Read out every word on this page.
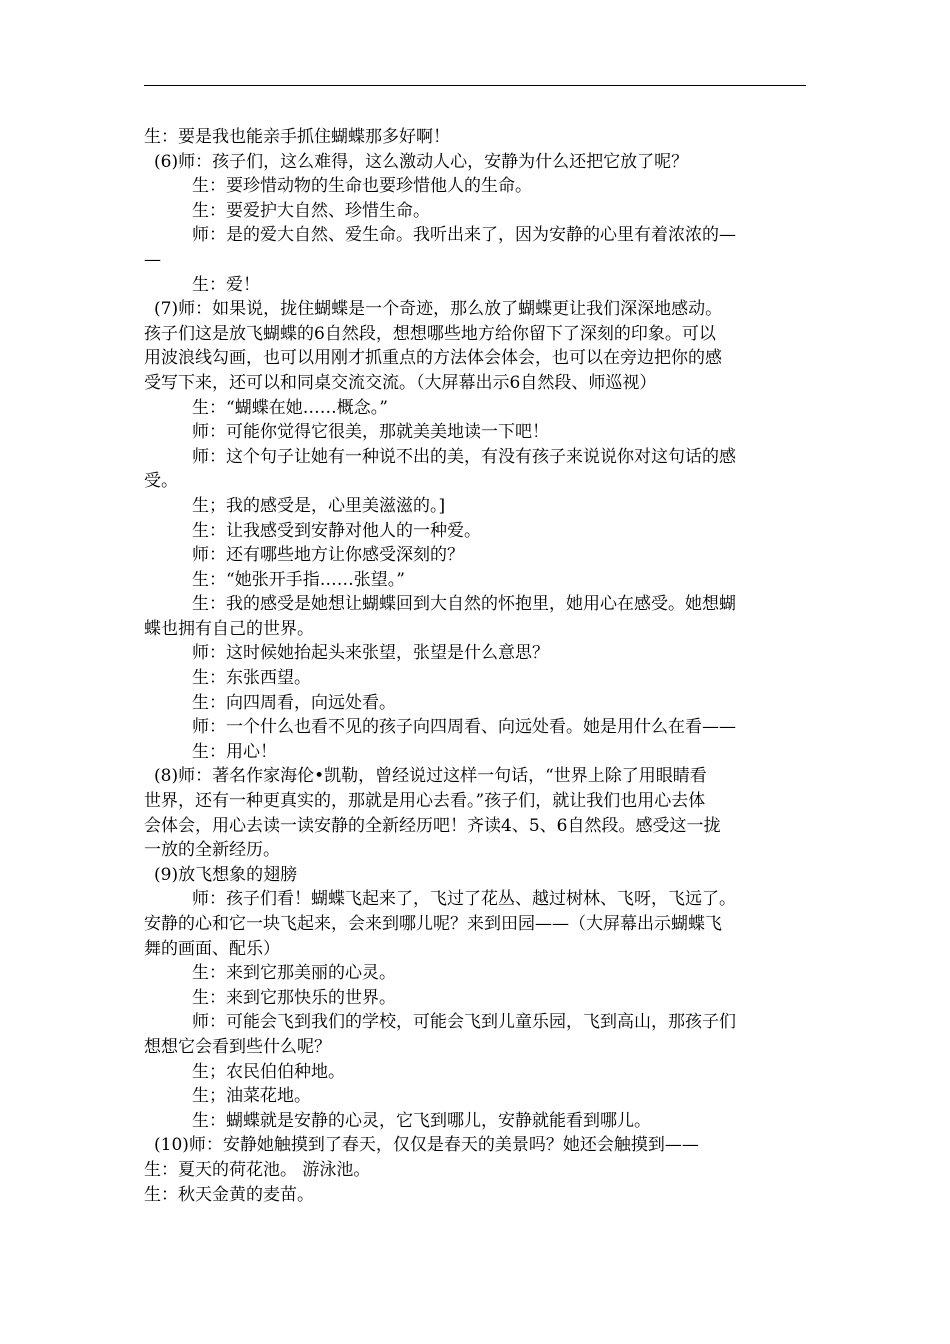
生：要是我也能亲手抓住蝴蝶那多好啊！
(6)师：孩子们，这么难得，这么激动人心，安静为什么还把它放了呢？
生：要珍惜动物的生命也要珍惜他人的生命。
生：要爱护大自然、珍惜生命。
师：是的爱大自然、爱生命。我听出来了，因为安静的心里有着浓浓的—
—
生：爱！
(7)师：如果说，拢住蝴蝶是一个奇迹，那么放了蝴蝶更让我们深深地感动。
孩子们这是放飞蝴蝶的6自然段，想想哪些地方给你留下了深刻的印象。可以
用波浪线勾画，也可以用刚才抓重点的方法体会体会，也可以在旁边把你的感
受写下来，还可以和同桌交流交流。（大屏幕出示6自然段、师巡视）
生：“蝴蝶在她……概念。”
师：可能你觉得它很美，那就美美地读一下吧！
师：这个句子让她有一种说不出的美，有没有孩子来说说你对这句话的感
受。
生；我的感受是，心里美滋滋的。]
生：让我感受到安静对他人的一种爱。
师：还有哪些地方让你感受深刻的？
生：“她张开手指……张望。”
生：我的感受是她想让蝴蝶回到大自然的怀抱里，她用心在感受。她想蝴
蝶也拥有自己的世界。
师：这时候她抬起头来张望，张望是什么意思？
生：东张西望。
生：向四周看，向远处看。
师：一个什么也看不见的孩子向四周看、向远处看。她是用什么在看——
生：用心！
(8)师：著名作家海伦•凯勒，曾经说过这样一句话，“世界上除了用眼睛看
世界，还有一种更真实的，那就是用心去看。”孩子们，就让我们也用心去体
会体会，用心去读一读安静的全新经历吧！齐读4、5、6自然段。感受这一拢
一放的全新经历。
(9)放飞想象的翅膀
师：孩子们看！蝴蝶飞起来了，飞过了花丛、越过树林、飞呀，飞远了。
安静的心和它一块飞起来，会来到哪儿呢？来到田园——（大屏幕出示蝴蝶飞
舞的画面、配乐）
生：来到它那美丽的心灵。
生：来到它那快乐的世界。
师：可能会飞到我们的学校，可能会飞到儿童乐园，飞到高山，那孩子们
想想它会看到些什么呢？
生；农民伯伯种地。
生；油菜花地。
生：蝴蝶就是安静的心灵，它飞到哪儿，安静就能看到哪儿。
(10)师：安静她触摸到了春天，仅仅是春天的美景吗？她还会触摸到——
生：夏天的荷花池。 游泳池。
生：秋天金黄的麦苗。
